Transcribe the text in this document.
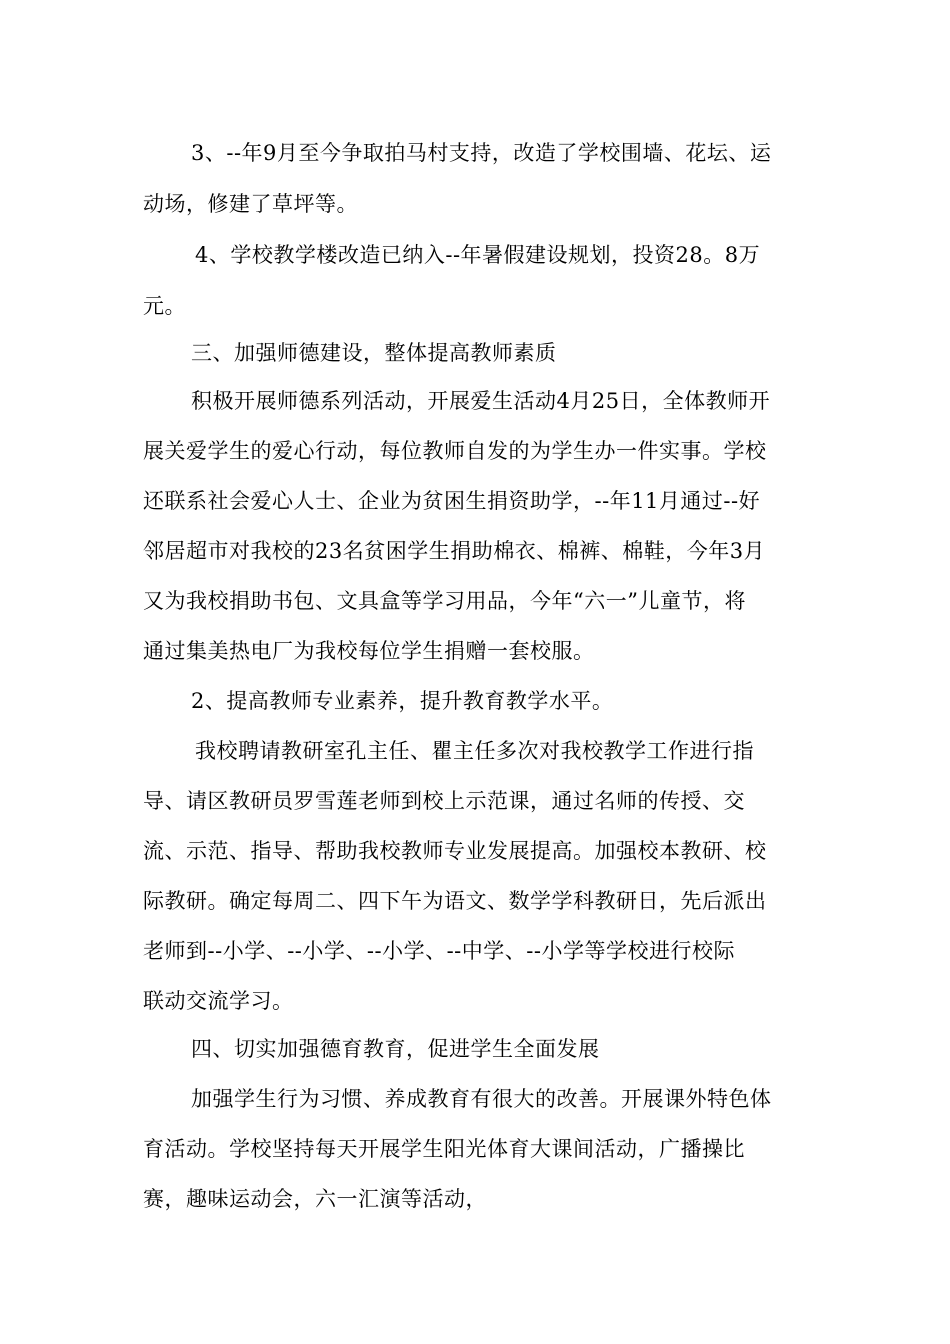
3、--年9月至今争取拍马村支持，改造了学校围墙、花坛、运
动场，修建了草坪等。
4、学校教学楼改造已纳入--年暑假建设规划，投资28。8万
元。
三、加强师德建设，整体提高教师素质
积极开展师德系列活动，开展爱生活动4月25日，全体教师开
展关爱学生的爱心行动，每位教师自发的为学生办一件实事。学校
还联系社会爱心人士、企业为贫困生捐资助学，--年11月通过--好
邻居超市对我校的23名贫困学生捐助棉衣、棉裤、棉鞋，今年3月
又为我校捐助书包、文具盒等学习用品，今年“六一”儿童节，将
通过集美热电厂为我校每位学生捐赠一套校服。
2、提高教师专业素养，提升教育教学水平。
我校聘请教研室孔主任、瞿主任多次对我校教学工作进行指
导、请区教研员罗雪莲老师到校上示范课，通过名师的传授、交
流、示范、指导、帮助我校教师专业发展提高。加强校本教研、校
际教研。确定每周二、四下午为语文、数学学科教研日，先后派出
老师到--小学、--小学、--小学、--中学、--小学等学校进行校际
联动交流学习。
四、切实加强德育教育，促进学生全面发展
加强学生行为习惯、养成教育有很大的改善。开展课外特色体
育活动。学校坚持每天开展学生阳光体育大课间活动，广播操比
赛，趣味运动会，六一汇演等活动，
